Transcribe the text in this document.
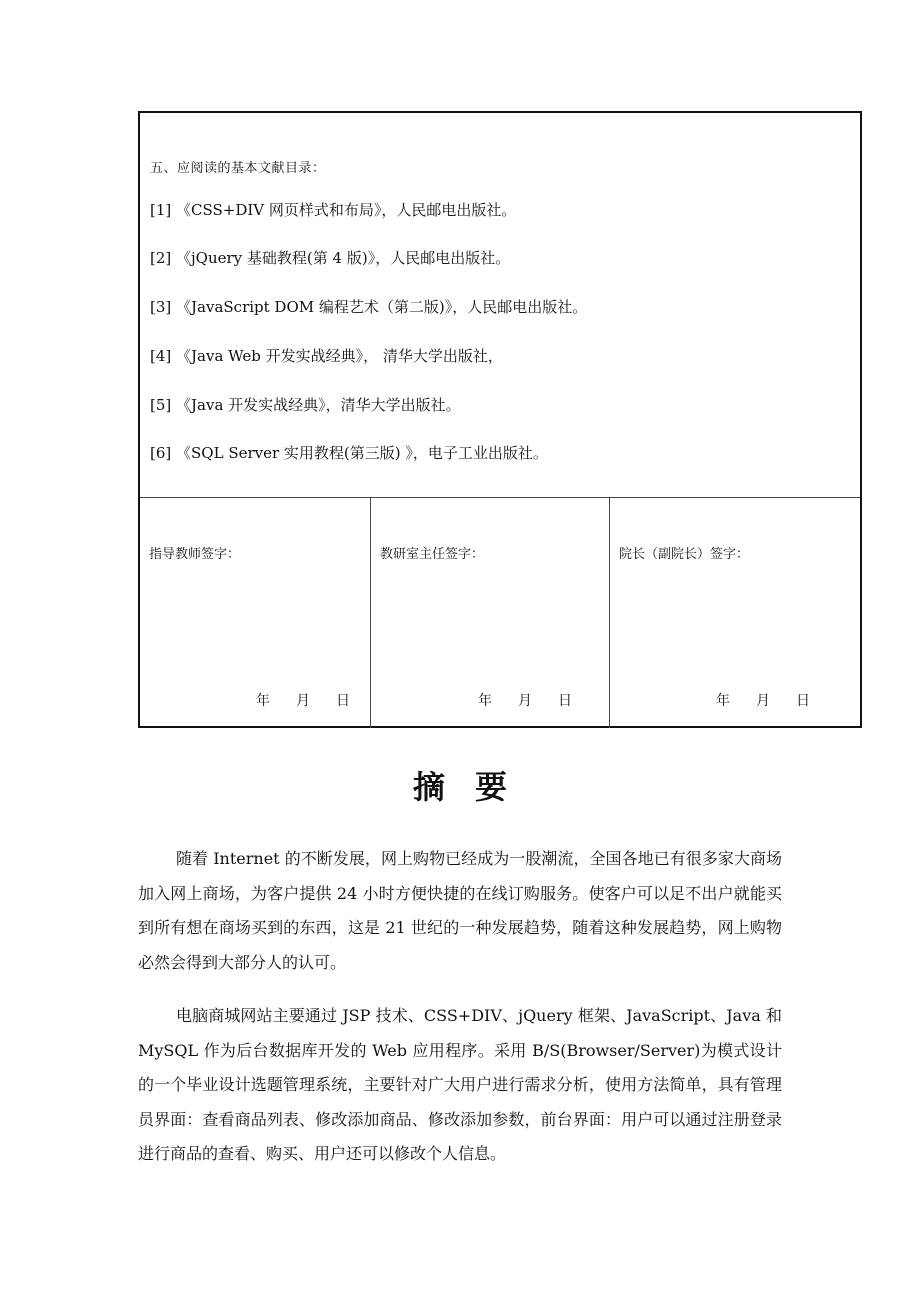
五、应阅读的基本文献目录：
[1] 《CSS+DIV 网页样式和布局》，人民邮电出版社。
[2] 《jQuery 基础教程(第 4 版)》，人民邮电出版社。
[3] 《JavaScript DOM 编程艺术（第二版)》，人民邮电出版社。
[4] 《Java Web 开发实战经典》， 清华大学出版社，
[5] 《Java 开发实战经典》，清华大学出版社。
[6] 《SQL Server 实用教程(第三版) 》，电子工业出版社。
指导教师签字：
年 月 日
教研室主任签字：
年 月 日
院长（副院长）签字：
年 月 日
摘要

随着 Internet 的不断发展，网上购物已经成为一股潮流，全国各地已有很多家大商场加入网上商场，为客户提供 24 小时方便快捷的在线订购服务。使客户可以足不出户就能买到所有想在商场买到的东西，这是 21 世纪的一种发展趋势，随着这种发展趋势，网上购物必然会得到大部分人的认可。

电脑商城网站主要通过 JSP 技术、CSS+DIV、jQuery 框架、JavaScript、Java 和 MySQL 作为后台数据库开发的 Web 应用程序。采用 B/S(Browser/Server)为模式设计的一个毕业设计选题管理系统，主要针对广大用户进行需求分析，使用方法简单，具有管理员界面：查看商品列表、修改添加商品、修改添加参数，前台界面：用户可以通过注册登录进行商品的查看、购买、用户还可以修改个人信息。
